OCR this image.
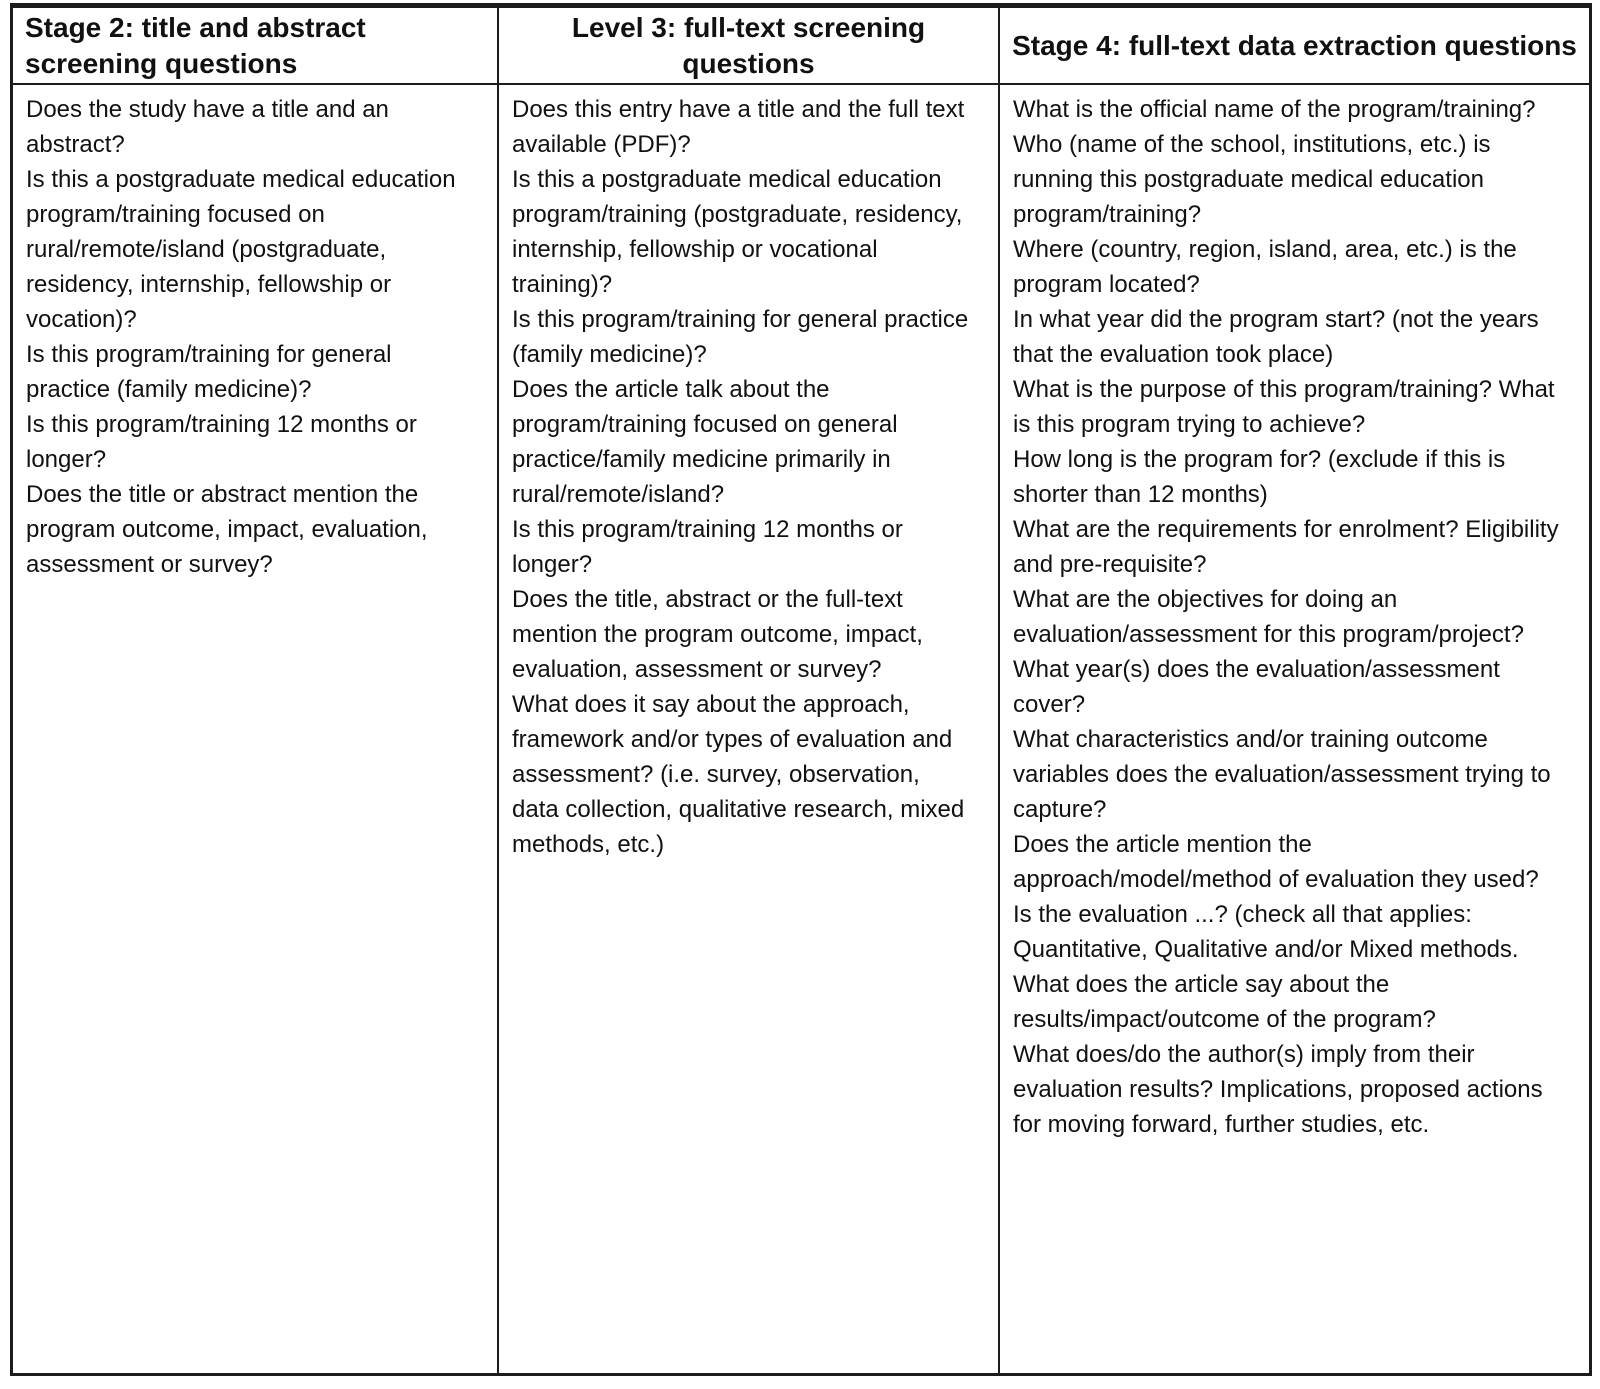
Stage 2: title and abstract screening questions
Does the study have a title and an abstract?
Is this a postgraduate medical education program/training focused on rural/remote/island (postgraduate, residency, internship, fellowship or vocation)?
Is this program/training for general practice (family medicine)?
Is this program/training 12 months or longer?
Does the title or abstract mention the program outcome, impact, evaluation, assessment or survey?
Level 3: full-text screening questions
Does this entry have a title and the full text available (PDF)?
Is this a postgraduate medical education program/training (postgraduate, residency, internship, fellowship or vocational training)?
Is this program/training for general practice (family medicine)?
Does the article talk about the program/training focused on general practice/family medicine primarily in rural/remote/island?
Is this program/training 12 months or longer?
Does the title, abstract or the full-text mention the program outcome, impact, evaluation, assessment or survey?
What does it say about the approach, framework and/or types of evaluation and assessment? (i.e. survey, observation, data collection, qualitative research, mixed methods, etc.)
Stage 4: full-text data extraction questions
What is the official name of the program/training?
Who (name of the school, institutions, etc.) is running this postgraduate medical education program/training?
Where (country, region, island, area, etc.) is the program located?
In what year did the program start? (not the years that the evaluation took place)
What is the purpose of this program/training? What is this program trying to achieve?
How long is the program for? (exclude if this is shorter than 12 months)
What are the requirements for enrolment? Eligibility and pre-requisite?
What are the objectives for doing an evaluation/assessment for this program/project?
What year(s) does the evaluation/assessment cover?
What characteristics and/or training outcome variables does the evaluation/assessment trying to capture?
Does the article mention the approach/model/method of evaluation they used?
Is the evaluation ...? (check all that applies: Quantitative, Qualitative and/or Mixed methods.
What does the article say about the results/impact/outcome of the program?
What does/do the author(s) imply from their evaluation results? Implications, proposed actions for moving forward, further studies, etc.
